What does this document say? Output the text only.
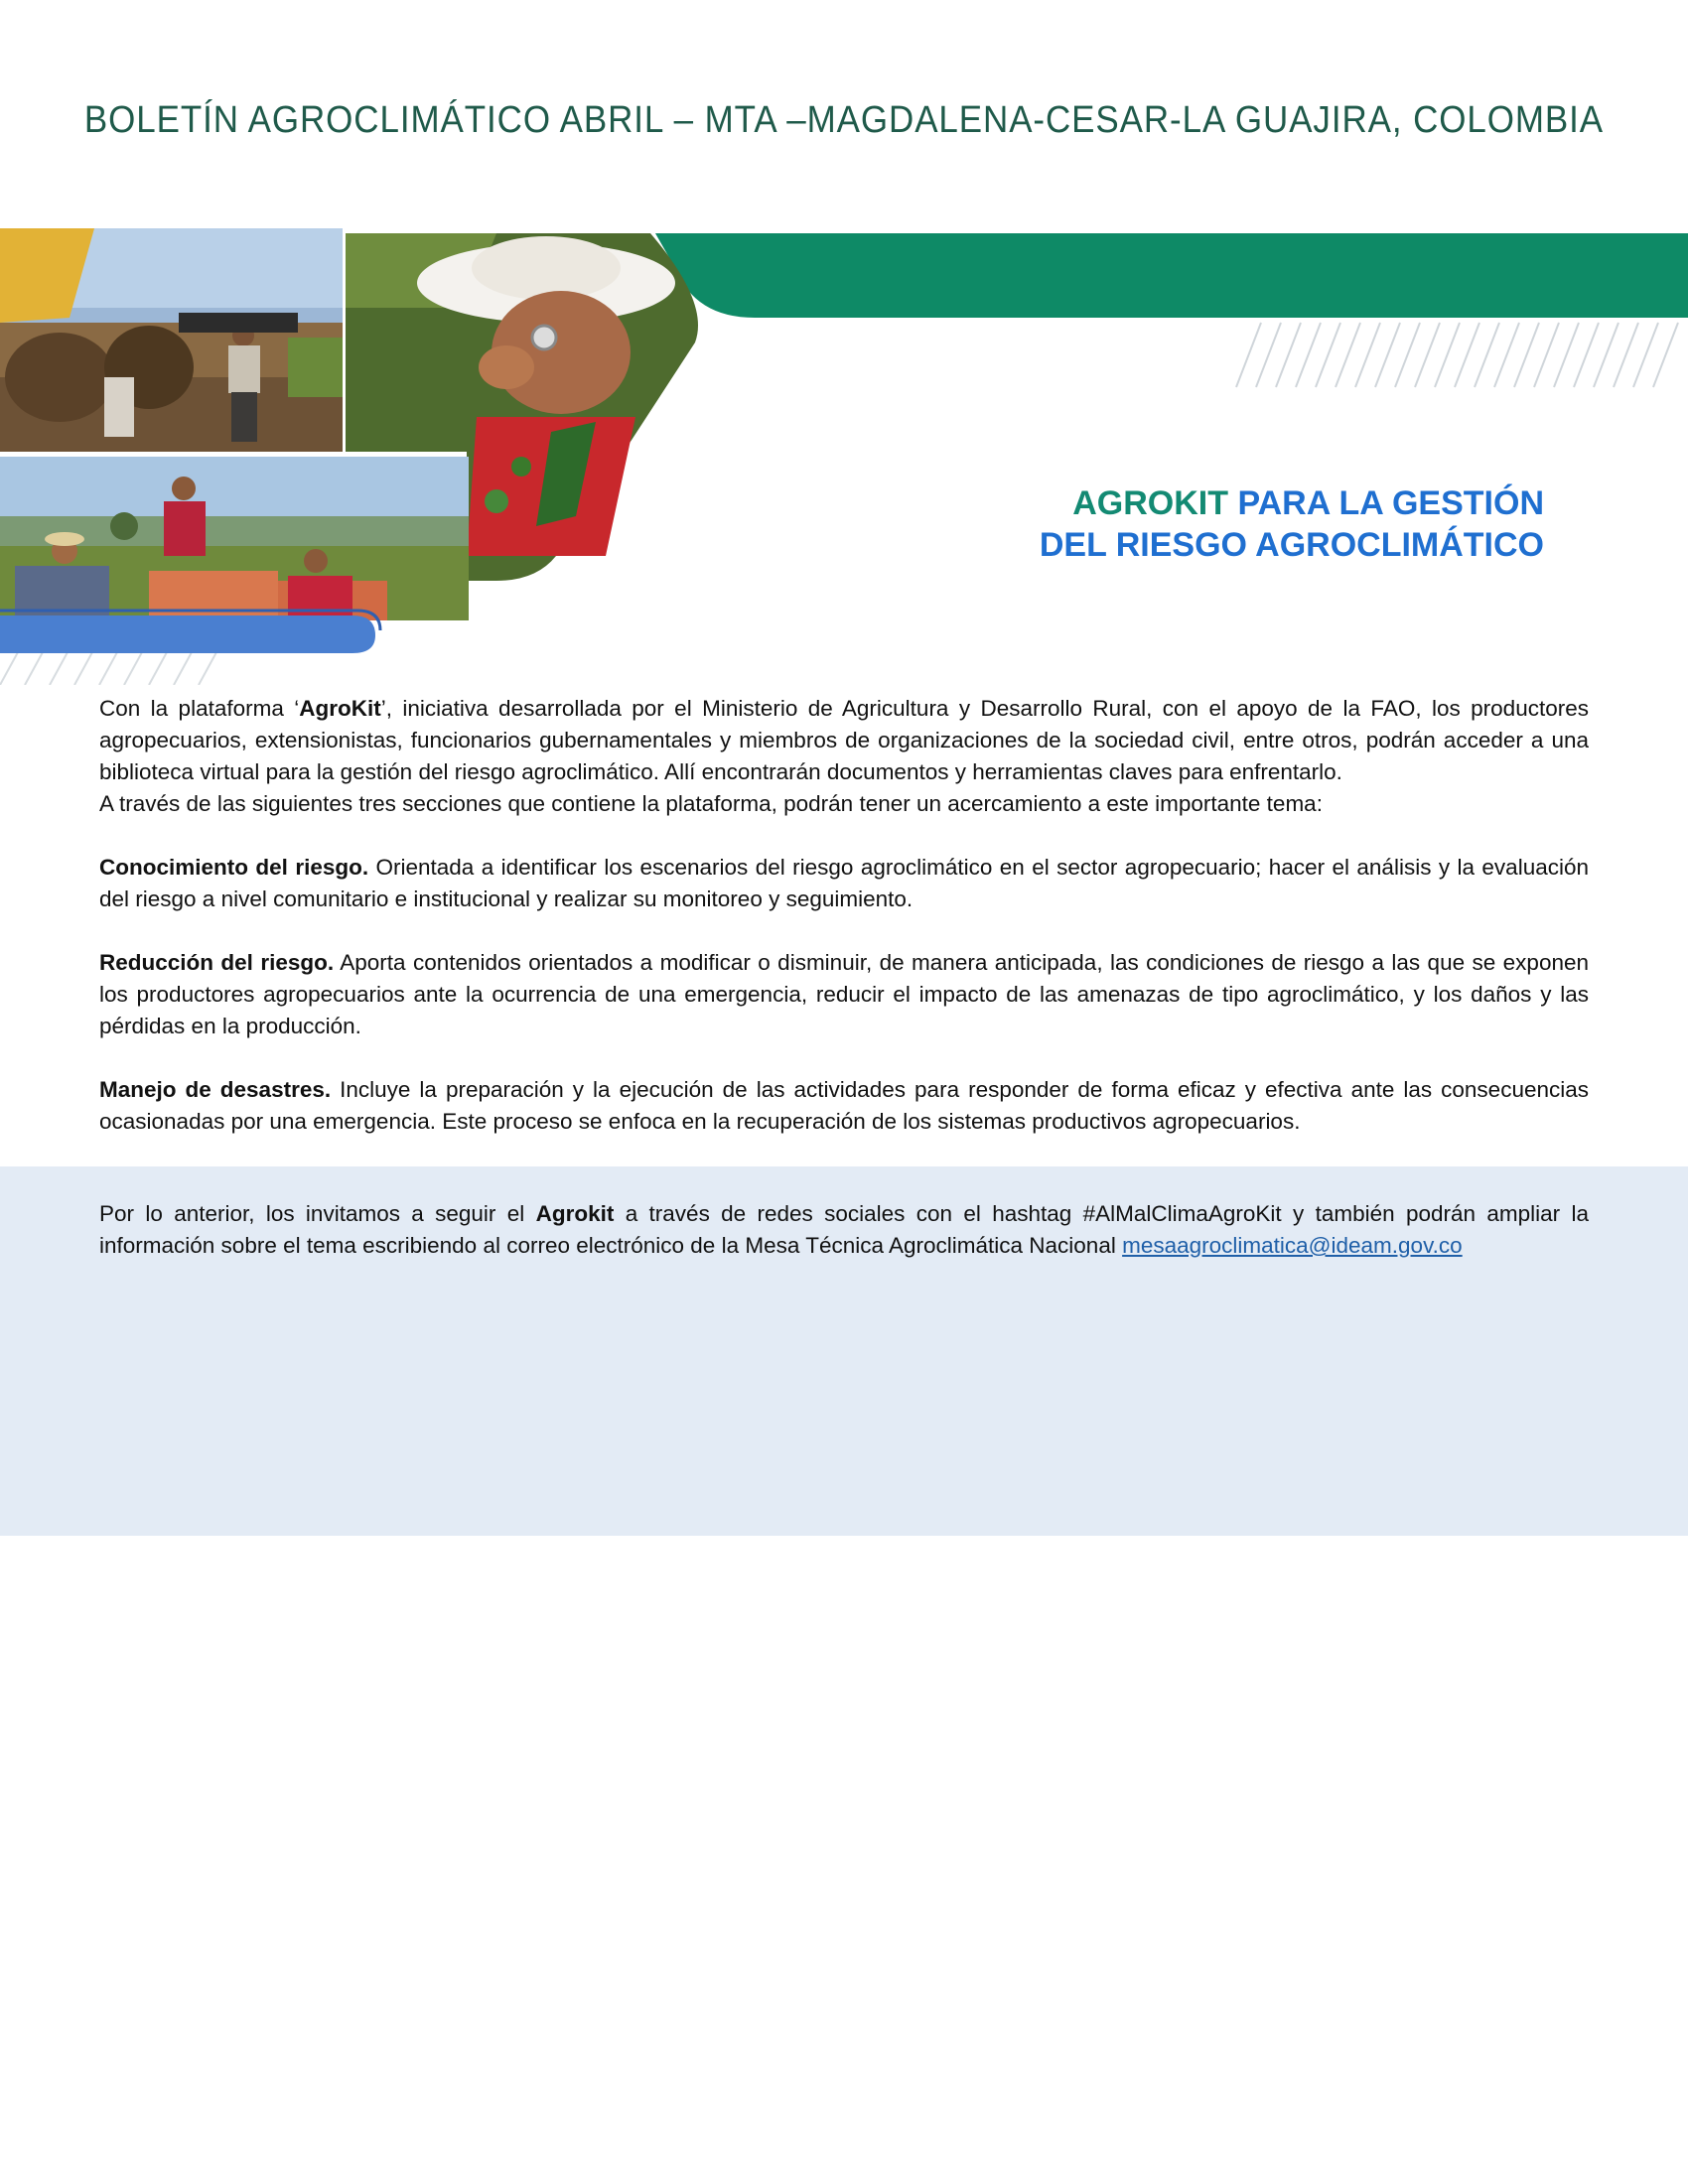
BOLETÍN AGROCLIMÁTICO ABRIL – MTA –MAGDALENA-CESAR-LA GUAJIRA, COLOMBIA
AGROKIT PARA LA GESTIÓN
DEL RIESGO AGROCLIMÁTICO

Con la plataforma ‘AgroKit’, iniciativa desarrollada por el Ministerio de Agricultura y Desarrollo Rural, con el apoyo de la FAO, los productores agropecuarios, extensionistas, funcionarios gubernamentales y miembros de organizaciones de la sociedad civil, entre otros, podrán acceder a una biblioteca virtual para la gestión del riesgo agroclimático. Allí encontrarán documentos y herramientas claves para enfrentarlo.

A través de las siguientes tres secciones que contiene la plataforma, podrán tener un acercamiento a este importante tema:

Conocimiento del riesgo. Orientada a identificar los escenarios del riesgo agroclimático en el sector agropecuario; hacer el análisis y la evaluación del riesgo a nivel comunitario e institucional y realizar su monitoreo y seguimiento.

Reducción del riesgo. Aporta contenidos orientados a modificar o disminuir, de manera anticipada, las condiciones de riesgo a las que se exponen los productores agropecuarios ante la ocurrencia de una emergencia, reducir el impacto de las amenazas de tipo agroclimático, y los daños y las pérdidas en la producción.

Manejo de desastres. Incluye la preparación y la ejecución de las actividades para responder de forma eficaz y efectiva ante las consecuencias ocasionadas por una emergencia. Este proceso se enfoca en la recuperación de los sistemas productivos agropecuarios.

Por lo anterior, los invitamos a seguir el Agrokit a través de redes sociales con el hashtag #AlMalClimaAgroKit y también podrán ampliar la información sobre el tema escribiendo al correo electrónico de la Mesa Técnica Agroclimática Nacional mesaagroclimatica@ideam.gov.co
